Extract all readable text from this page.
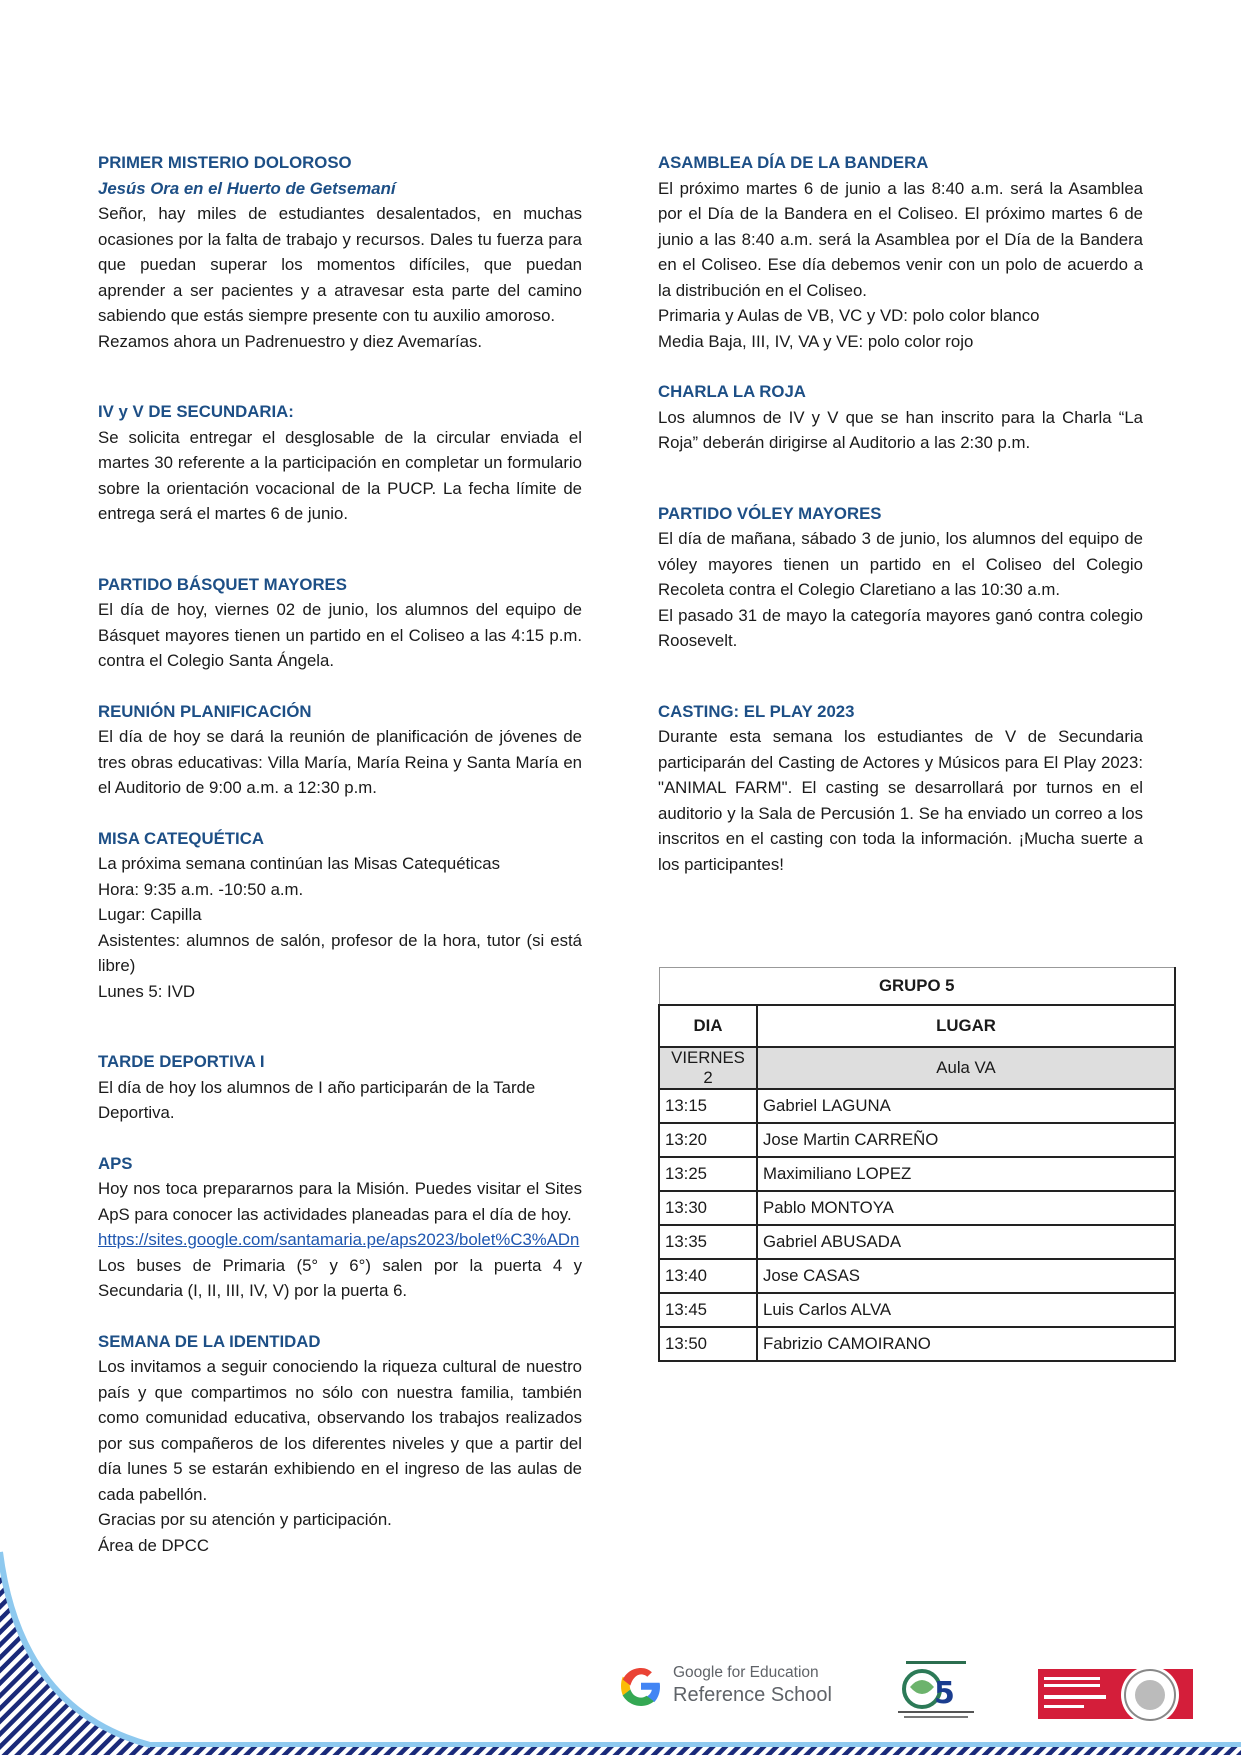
PRIMER MISTERIO DOLOROSO

Jesús Ora en el Huerto de Getsemaní

Señor, hay miles de estudiantes desalentados, en muchas ocasiones por la falta de trabajo y recursos. Dales tu fuerza para que puedan superar los momentos difíciles, que puedan aprender a ser pacientes y a atravesar esta parte del camino sabiendo que estás siempre presente con tu auxilio amoroso.

Rezamos ahora un Padrenuestro y diez Avemarías.

IV y V DE SECUNDARIA:

Se solicita entregar el desglosable de la circular enviada el martes 30 referente a la participación en completar un formulario sobre la orientación vocacional de la PUCP. La fecha límite de entrega será el martes 6 de junio.

PARTIDO BÁSQUET MAYORES

El día de hoy, viernes 02 de junio, los alumnos del equipo de Básquet mayores tienen un partido en el Coliseo a las 4:15 p.m. contra el Colegio Santa Ángela.

REUNIÓN PLANIFICACIÓN

El día de hoy se dará la reunión de planificación de jóvenes de tres obras educativas: Villa María, María Reina y Santa María en el Auditorio de 9:00 a.m. a 12:30 p.m.

MISA CATEQUÉTICA

La próxima semana continúan las Misas Catequéticas

Hora: 9:35 a.m. -10:50 a.m.

Lugar: Capilla

Asistentes: alumnos de salón, profesor de la hora, tutor (si está libre)

Lunes 5: IVD

TARDE DEPORTIVA I

El día de hoy los alumnos de I año participarán de la Tarde Deportiva.

APS

Hoy nos toca prepararnos para la Misión. Puedes visitar el Sites ApS para conocer las actividades planeadas para el día de hoy.

https://sites.google.com/santamaria.pe/aps2023/bolet%C3%ADn

Los buses de Primaria (5° y 6°) salen por la puerta 4 y Secundaria (I, II, III, IV, V) por la puerta 6.

SEMANA DE LA IDENTIDAD

Los invitamos a seguir conociendo la riqueza cultural de nuestro país y que compartimos no sólo con nuestra familia, también como comunidad educativa, observando los trabajos realizados por sus compañeros de los diferentes niveles y que a partir del día lunes 5 se estarán exhibiendo en el ingreso de las aulas de cada pabellón.

Gracias por su atención y participación.

Área de DPCC

ASAMBLEA DÍA DE LA BANDERA

El próximo martes 6 de junio a las 8:40 a.m. será la Asamblea por el Día de la Bandera en el Coliseo. El próximo martes 6 de junio a las 8:40 a.m. será la Asamblea por el Día de la Bandera en el Coliseo. Ese día debemos venir con un polo de acuerdo a la distribución en el Coliseo.

Primaria y Aulas de VB, VC y VD: polo color blanco

Media Baja, III, IV, VA y VE: polo color rojo

CHARLA LA ROJA

Los alumnos de IV y V que se han inscrito para la Charla “La Roja” deberán dirigirse al Auditorio a las 2:30 p.m.

PARTIDO VÓLEY MAYORES

El día de mañana, sábado 3 de junio, los alumnos del equipo de vóley mayores tienen un partido en el Coliseo del Colegio Recoleta contra el Colegio Claretiano a las 10:30 a.m.

El pasado 31 de mayo la categoría mayores ganó contra colegio Roosevelt.

CASTING: EL PLAY 2023

Durante esta semana los estudiantes de V de Secundaria participarán del Casting de Actores y Músicos para El Play 2023: "ANIMAL FARM". El casting se desarrollará por turnos en el auditorio y la Sala de Percusión 1. Se ha enviado un correo a los inscritos en el casting con toda la información. ¡Mucha suerte a los participantes!

GRUPO 5	
DIA	LUGAR
VIERNES 2	Aula VA
13:15	Gabriel LAGUNA
13:20	Jose Martin CARREÑO
13:25	Maximiliano LOPEZ
13:30	Pablo MONTOYA
13:35	Gabriel ABUSADA
13:40	Jose CASAS
13:45	Luis Carlos ALVA
13:50	Fabrizio CAMOIRANO
Google for Education
Reference School	5
